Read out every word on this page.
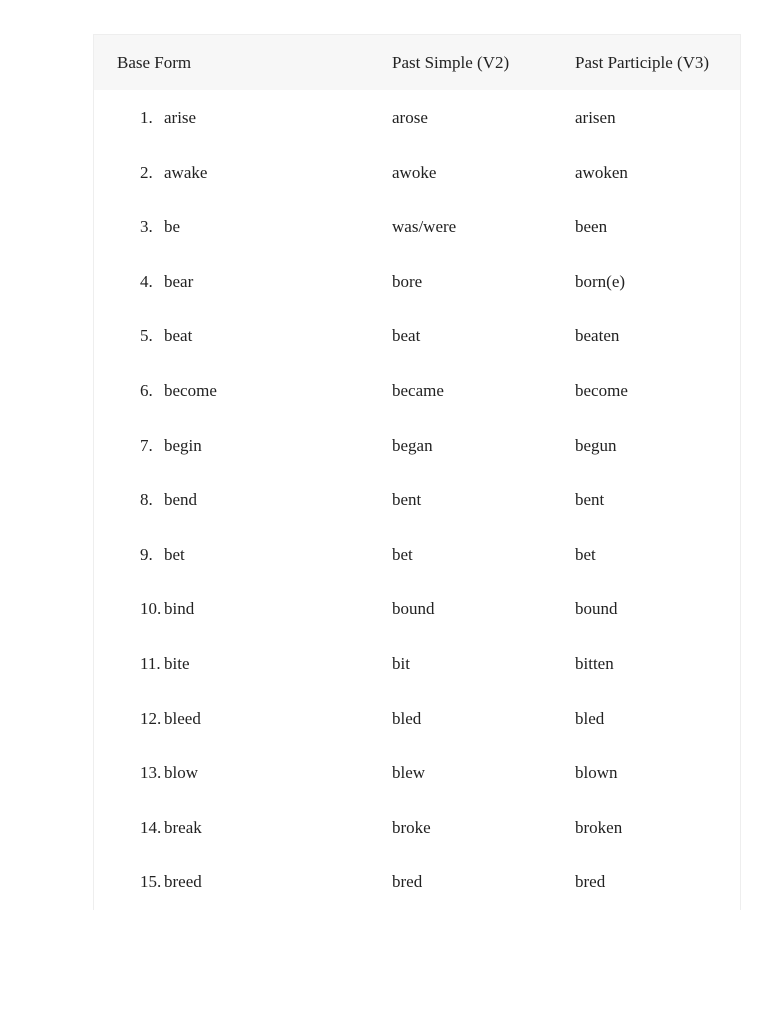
Base Form	Past Simple (V2)	Past Participle (V3)
1. arise	arose	arisen
2. awake	awoke	awoken
3. be	was/were	been
4. bear	bore	born(e)
5. beat	beat	beaten
6. become	became	become
7. begin	began	begun
8. bend	bent	bent
9. bet	bet	bet
10. bind	bound	bound
11. bite	bit	bitten
12. bleed	bled	bled
13. blow	blew	blown
14. break	broke	broken
15. breed	bred	bred
